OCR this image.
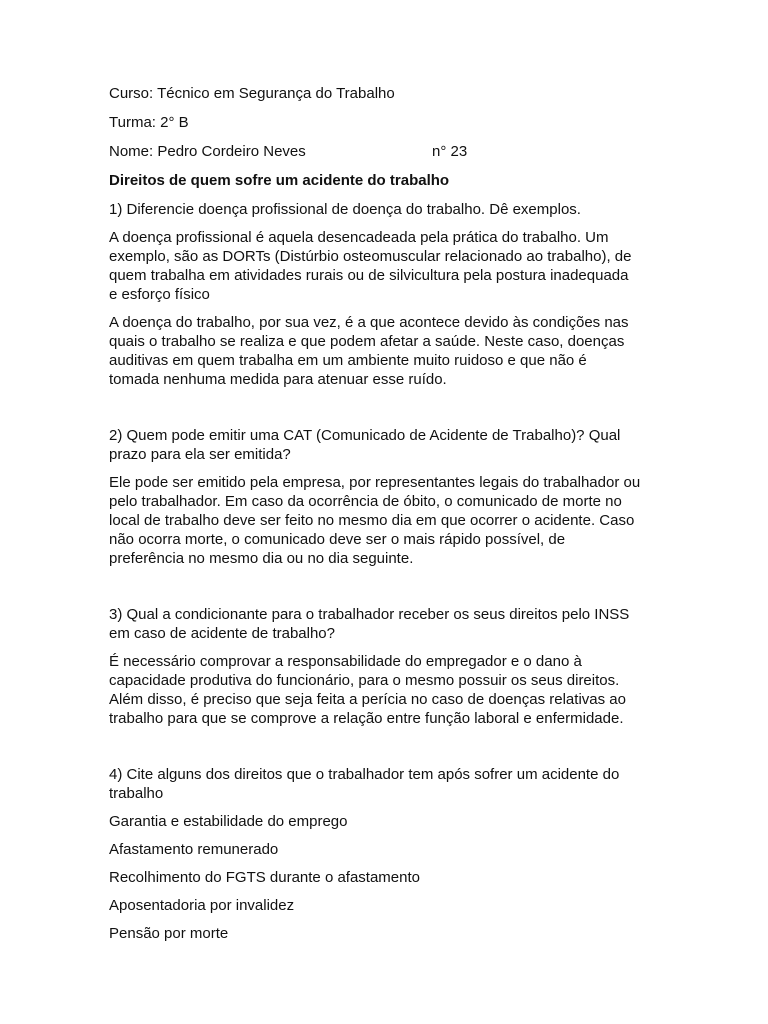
Curso: Técnico em Segurança do Trabalho

Turma: 2° B

Nome: Pedro Cordeiro Neves	n° 23

Direitos de quem sofre um acidente do trabalho

1) Diferencie doença profissional de doença do trabalho. Dê exemplos.

A doença profissional é aquela desencadeada pela prática do trabalho. Um

exemplo, são as DORTs (Distúrbio osteomuscular relacionado ao trabalho), de

quem trabalha em atividades rurais ou de silvicultura pela postura inadequada

e esforço físico

A doença do trabalho, por sua vez, é a que acontece devido às condições nas

quais o trabalho se realiza e que podem afetar a saúde. Neste caso, doenças

auditivas em quem trabalha em um ambiente muito ruidoso e que não é

tomada nenhuma medida para atenuar esse ruído.

2) Quem pode emitir uma CAT (Comunicado de Acidente de Trabalho)? Qual

prazo para ela ser emitida?

Ele pode ser emitido pela empresa, por representantes legais do trabalhador ou

pelo trabalhador. Em caso da ocorrência de óbito, o comunicado de morte no

local de trabalho deve ser feito no mesmo dia em que ocorrer o acidente. Caso

não ocorra morte, o comunicado deve ser o mais rápido possível, de

preferência no mesmo dia ou no dia seguinte.

3) Qual a condicionante para o trabalhador receber os seus direitos pelo INSS

em caso de acidente de trabalho?

É necessário comprovar a responsabilidade do empregador e o dano à

capacidade produtiva do funcionário, para o mesmo possuir os seus direitos.

Além disso, é preciso que seja feita a perícia no caso de doenças relativas ao

trabalho para que se comprove a relação entre função laboral e enfermidade.

4) Cite alguns dos direitos que o trabalhador tem após sofrer um acidente do

trabalho

Garantia e estabilidade do emprego

Afastamento remunerado

Recolhimento do FGTS durante o afastamento

Aposentadoria por invalidez

Pensão por morte
